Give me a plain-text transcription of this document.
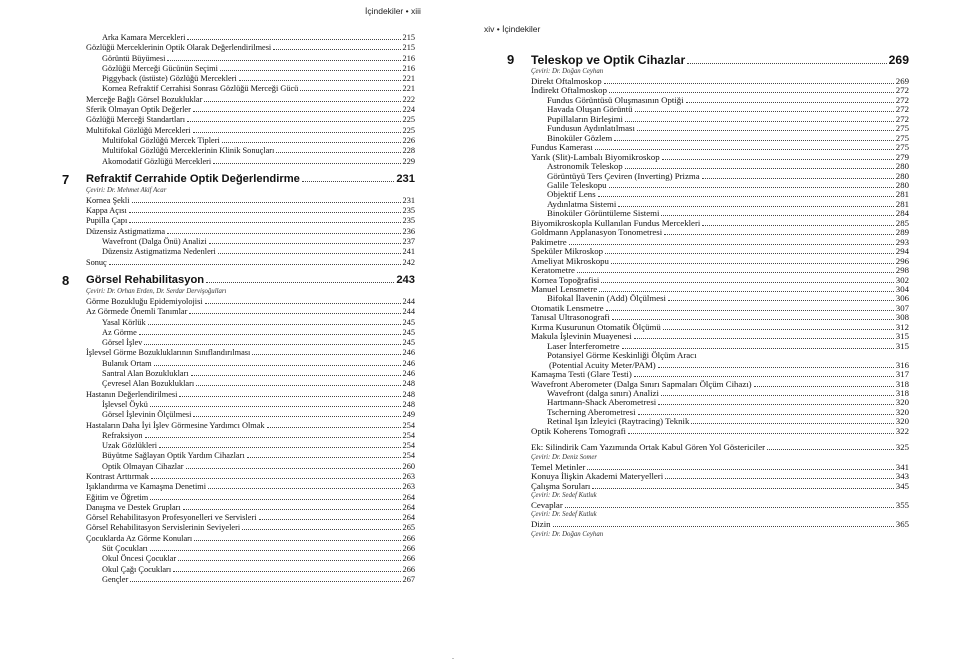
İçindekiler • xiii
xiv • İçindekiler
Arka Kamara Mercekleri	215
Gözlüğü Merceklerinin Optik Olarak Değerlendirilmesi	215
Görüntü Büyümesi	216
Gözlüğü Merceği Gücünün Seçimi	216
Piggyback (üstüste) Gözlüğü Mercekleri	221
Kornea Refraktif Cerrahisi Sonrası Gözlüğü Merceği Gücü	221
Merceğe Bağlı Görsel Bozukluklar	222
Sferik Olmayan Optik Değerler	224
Gözlüğü Merceği Standartları	225
Multifokal Gözlüğü Mercekleri	225
Multifokal Gözlüğü Mercek Tipleri	226
Multifokal Gözlüğü Merceklerinin Klinik Sonuçları	228
Akomodatif Gözlüğü Mercekleri	229
7 Refraktif Cerrahide Optik Değerlendirme	231
Çeviri: Dr. Mehmet Akif Acar
Kornea Şekli	231
Kappa Açısı	235
Pupilla Çapı	235
Düzensiz Astigmatizma	236
Wavefront (Dalga Önü) Analizi	237
Düzensiz Astigmatizma Nedenleri	241
Sonuç	242
8 Görsel Rehabilitasyon	243
Çeviri: Dr. Orhan Erden, Dr. Serdar Dervişoğulları
Görme Bozukluğu Epidemiyolojisi	244
Az Görmede Önemli Tanımlar	244
Yasal Körlük	245
Az Görme	245
Görsel İşlev	245
İşlevsel Görme Bozukluklarının Sınıflandırılması	246
Bulanık Ortam	246
Santral Alan Bozuklukları	246
Çevresel Alan Bozuklukları	248
Hastanın Değerlendirilmesi	248
İşlevsel Öykü	248
Görsel İşlevinin Ölçülmesi	249
Hastaların Daha İyi İşlev Görmesine Yardımcı Olmak	254
Refraksiyon	254
Uzak Gözlükleri	254
Büyütme Sağlayan Optik Yardım Cihazları	254
Optik Olmayan Cihazlar	260
Kontrast Arttırmak	263
Işıklandırma ve Kamaşma Denetimi	263
Eğitim ve Öğretim	264
Danışma ve Destek Grupları	264
Görsel Rehabilitasyon Profesyonelleri ve Servisleri	264
Görsel Rehabilitasyon Servislerinin Seviyeleri	265
Çocuklarda Az Görme Konuları	266
Süt Çocukları	266
Okul Öncesi Çocuklar	266
Okul Çağı Çocukları	266
Gençler	267
9 Teleskop ve Optik Cihazlar	269
Çeviri: Dr. Doğan Ceyhan
Direkt Oftalmoskop	269
İndirekt Oftalmoskop	272
Fundus Görüntüsü Oluşmasının Optiği	272
Havada Oluşan Görüntü	272
Pupillaların Birleşimi	272
Fundusun Aydınlatılması	275
Binoküler Gözlem	275
Fundus Kamerası	275
Yarık (Slit)-Lambalı Biyomikroskop	279
Astronomik Teleskop	280
Görüntüyü Ters Çeviren (Inverting) Prizma	280
Galile Teleskopu	280
Objektif Lens	281
Aydınlatma Sistemi	281
Binoküler Görüntüleme Sistemi	284
Biyomikroskopla Kullanılan Fundus Mercekleri	285
Goldmann Applanasyon Tonometresi	289
Pakimetre	293
Speküler Mikroskop	294
Ameliyat Mikroskopu	296
Keratometre	298
Kornea Topoğrafisi	302
Manuel Lensmetre	304
Bifokal İlavenin (Add) Ölçülmesi	306
Otomatik Lensmetre	307
Tanısal Ultrasonografi	308
Kırma Kusurunun Otomatik Ölçümü	312
Makula İşlevinin Muayenesi	315
Laser İnterferometre	315
Potansiyel Görme Keskinliği Ölçüm Aracı
(Potential Acuity Meter/PAM)	316
Kamaşma Testi (Glare Testi)	317
Wavefront Aberometer (Dalga Sınırı Sapmaları Ölçüm Cihazı)	318
Wavefront (dalga sınırı) Analizi	318
Hartmann-Shack Aberometresi	320
Tscherning Aberometresi	320
Retinal Işın İzleyici (Raytracing) Teknik	320
Optik Koherens Tomografi	322
Ek: Silindirik Cam Yazımında Ortak Kabul Gören Yol Göstericiler	325
Çeviri: Dr. Deniz Somer
Temel Metinler	341
Konuya İlişkin Akademi Materyelleri	343
Çalışma Soruları	345
Çeviri: Dr. Sedef Kutluk
Cevaplar	355
Çeviri: Dr. Sedef Kutluk
Dizin	365
Çeviri: Dr. Doğan Ceyhan
-
